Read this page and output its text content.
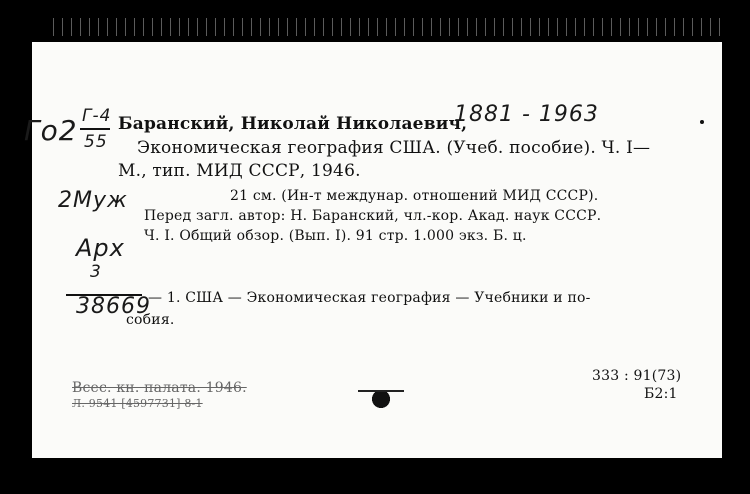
Го2 Г-4
55
Баранский, Николай Николаевич,
1881 - 1963
Экономическая география США. (Учеб. пособие). Ч. I—
М., тип. МИД СССР, 1946.
21 см. (Ин-т междунар. отношений МИД СССР).
Перед загл. автор: Н. Баранский, чл.-кор. Акад. наук СССР.
Ч. I. Общий обзор. (Вып. I). 91 стр. 1.000 экз. Б. ц.
2Муж
Арх
3
38669
— 1. США — Экономическая география — Учебники и по-
собия.
Всес. кн. палата. 1946.
Л. 9541 [4597731] 8-1
333 : 91(73)
Б2:1
